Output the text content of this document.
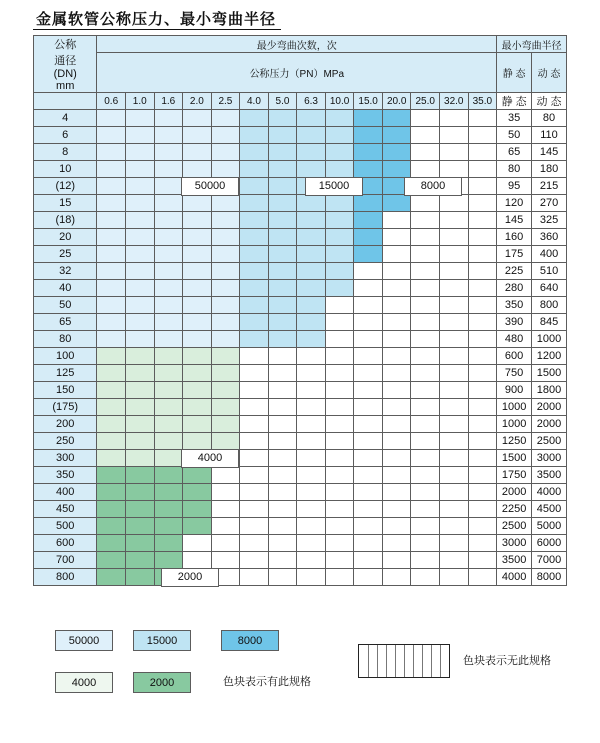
金属软管公称压力、最小弯曲半径
公称
通径
(DN)
mm	最少弯曲次数，次														最小弯曲半径	

	公称压力（PN）MPa														静 态	动 态

	0.6	1.0	1.6	2.0	2.5	4.0	5.0	6.3	10.0	15.0	20.0	25.0	32.0	35.0	静 态	动 态
4															35	80
6															50	110
8															65	145
10															80	180
(12)															95	215
15															120	270
(18)															145	325
20															160	360
25															175	400
32															225	510
40															280	640
50															350	800
65															390	845
80															480	1000
100															600	1200
125															750	1500
150															900	1800
(175)															1000	2000
200															1000	2000
250															1250	2500
300															1500	3000
350															1750	3500
400															2000	4000
450															2250	4500
500															2500	5000
600															3000	6000
700															3500	7000
800															4000	8000
50000	15000	8000
4000
2000
50000	15000	8000
4000	2000	色块表示有此规格
色块表示无此规格
